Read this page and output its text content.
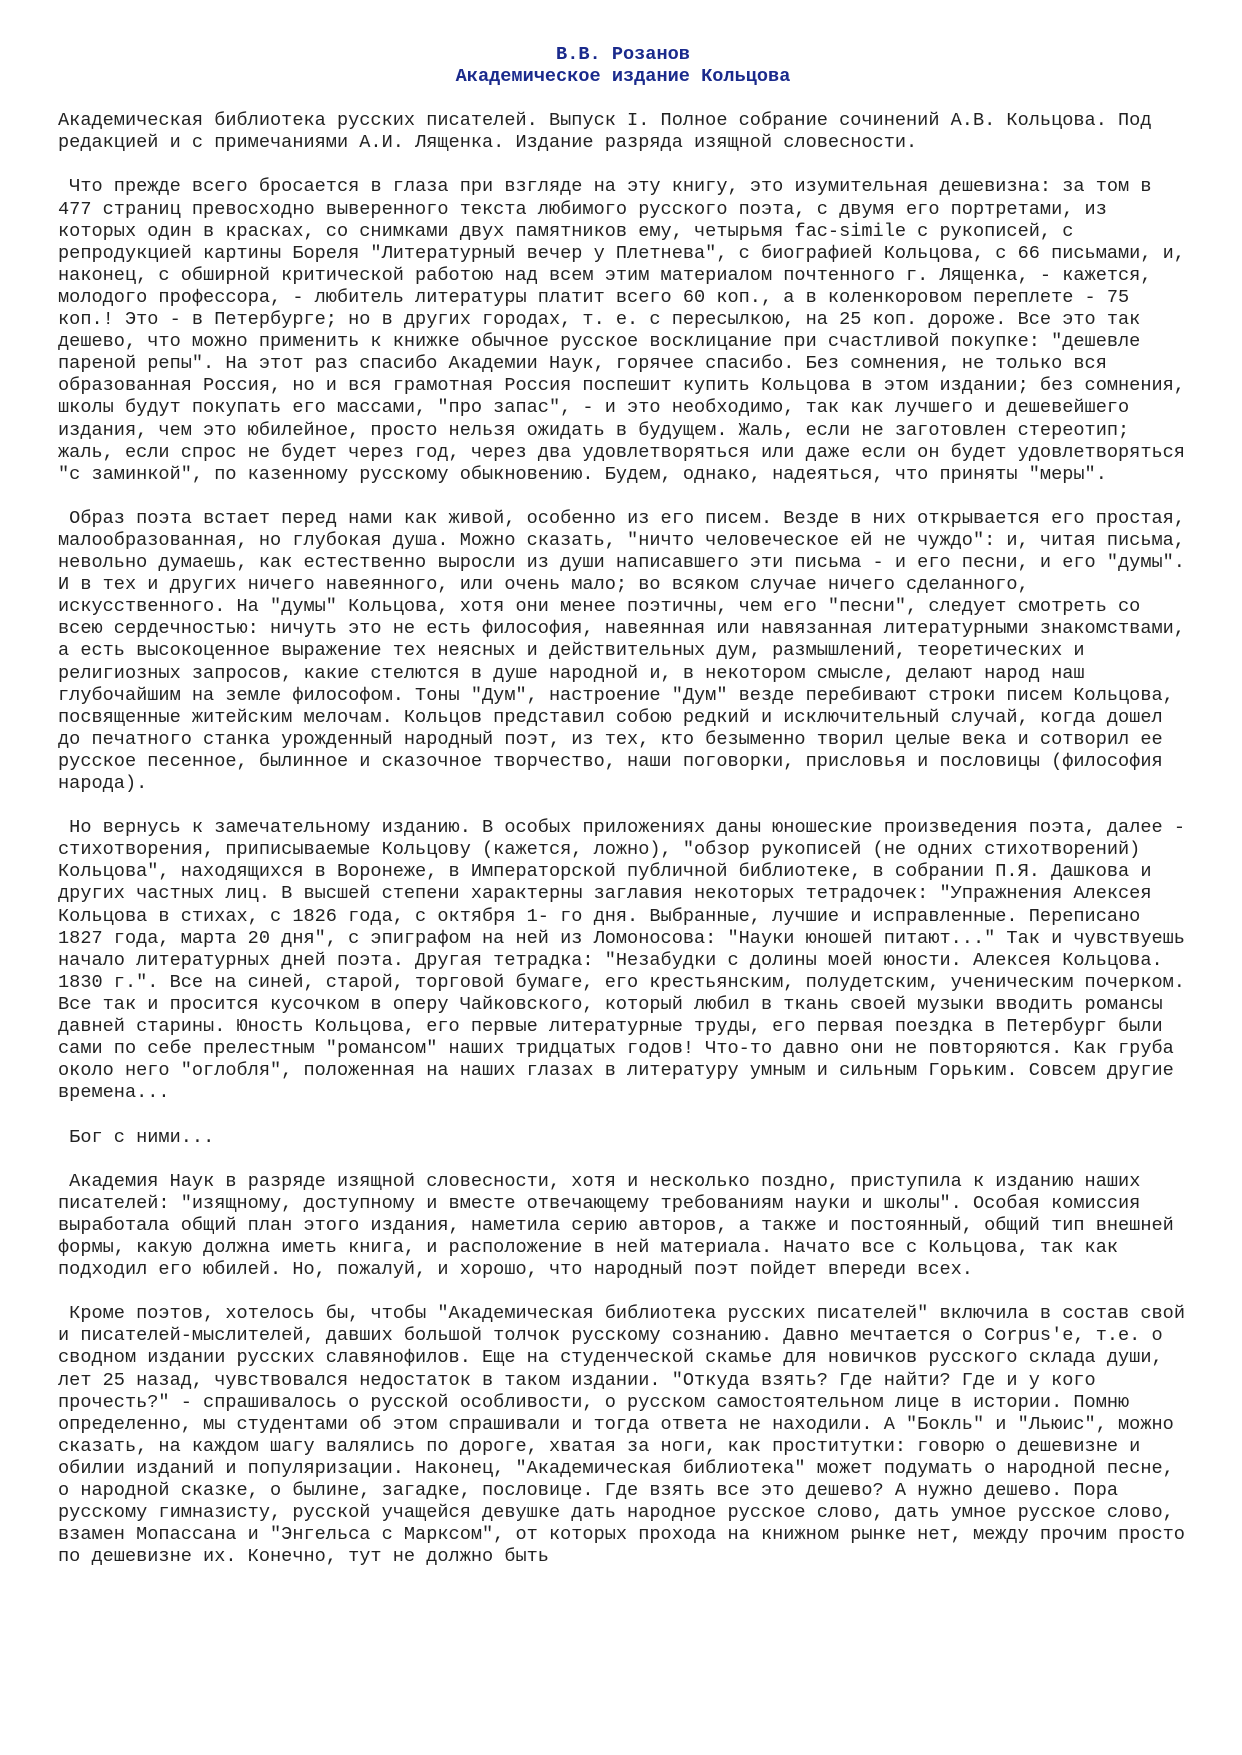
В.В. Розанов
Академическое издание Кольцова
Академическая библиотека русских писателей. Выпуск I. Полное собрание сочинений А.В. Кольцова. Под редакцией и с примечаниями А.И. Лященка. Издание разряда изящной словесности.
Что прежде всего бросается в глаза при взгляде на эту книгу, это изумительная дешевизна: за том в 477 страниц превосходно выверенного текста любимого русского поэта, с двумя его портретами, из которых один в красках, со снимками двух памятников ему, четырьмя fac-simile с рукописей, с репродукцией картины Бореля "Литературный вечер у Плетнева", с биографией Кольцова, с 66 письмами, и, наконец, с обширной критической работою над всем этим материалом почтенного г. Лященка, - кажется, молодого профессора, - любитель литературы платит всего 60 коп., а в коленкоровом переплете - 75 коп.! Это - в Петербурге; но в других городах, т. е. с пересылкою, на 25 коп. дороже. Все это так дешево, что можно применить к книжке обычное русское восклицание при счастливой покупке: "дешевле пареной репы". На этот раз спасибо Академии Наук, горячее спасибо. Без сомнения, не только вся образованная Россия, но и вся грамотная Россия поспешит купить Кольцова в этом издании; без сомнения, школы будут покупать его массами, "про запас", - и это необходимо, так как лучшего и дешевейшего издания, чем это юбилейное, просто нельзя ожидать в будущем. Жаль, если не заготовлен стереотип; жаль, если спрос не будет через год, через два удовлетворяться или даже если он будет удовлетворяться "с заминкой", по казенному русскому обыкновению. Будем, однако, надеяться, что приняты "меры".
Образ поэта встает перед нами как живой, особенно из его писем. Везде в них открывается его простая, малообразованная, но глубокая душа. Можно сказать, "ничто человеческое ей не чуждо": и, читая письма, невольно думаешь, как естественно выросли из души написавшего эти письма - и его песни, и его "думы". И в тех и других ничего навеянного, или очень мало; во всяком случае ничего сделанного, искусственного. На "думы" Кольцова, хотя они менее поэтичны, чем его "песни", следует смотреть со всею сердечностью: ничуть это не есть философия, навеянная или навязанная литературными знакомствами, а есть высокоценное выражение тех неясных и действительных дум, размышлений, теоретических и религиозных запросов, какие стелются в душе народной и, в некотором смысле, делают народ наш глубочайшим на земле философом. Тоны "Дум", настроение "Дум" везде перебивают строки писем Кольцова, посвященные житейским мелочам. Кольцов представил собою редкий и исключительный случай, когда дошел до печатного станка урожденный народный поэт, из тех, кто безыменно творил целые века и сотворил ее русское песенное, былинное и сказочное творчество, наши поговорки, присловья и пословицы (философия народа).
Но вернусь к замечательному изданию. В особых приложениях даны юношеские произведения поэта, далее - стихотворения, приписываемые Кольцову (кажется, ложно), "обзор рукописей (не одних стихотворений) Кольцова", находящихся в Воронеже, в Императорской публичной библиотеке, в собрании П.Я. Дашкова и других частных лиц. В высшей степени характерны заглавия некоторых тетрадочек: "Упражнения Алексея Кольцова в стихах, с 1826 года, с октября 1- го дня. Выбранные, лучшие и исправленные. Переписано 1827 года, марта 20 дня", с эпиграфом на ней из Ломоносова: "Науки юношей питают..." Так и чувствуешь начало литературных дней поэта. Другая тетрадка: "Незабудки с долины моей юности. Алексея Кольцова. 1830 г.". Все на синей, старой, торговой бумаге, его крестьянским, полудетским, ученическим почерком. Все так и просится кусочком в оперу Чайковского, который любил в ткань своей музыки вводить романсы давней старины. Юность Кольцова, его первые литературные труды, его первая поездка в Петербург были сами по себе прелестным "романсом" наших тридцатых годов! Что-то давно они не повторяются. Как груба около него "оглобля", положенная на наших глазах в литературу умным и сильным Горьким. Совсем другие времена...
Бог с ними...
Академия Наук в разряде изящной словесности, хотя и несколько поздно, приступила к изданию наших писателей: "изящному, доступному и вместе отвечающему требованиям науки и школы". Особая комиссия выработала общий план этого издания, наметила серию авторов, а также и постоянный, общий тип внешней формы, какую должна иметь книга, и расположение в ней материала. Начато все с Кольцова, так как подходил его юбилей. Но, пожалуй, и хорошо, что народный поэт пойдет впереди всех.
Кроме поэтов, хотелось бы, чтобы "Академическая библиотека русских писателей" включила в состав свой и писателей-мыслителей, давших большой толчок русскому сознанию. Давно мечтается о Corpus'е, т.е. о сводном издании русских славянофилов. Еще на студенческой скамье для новичков русского склада души, лет 25 назад, чувствовался недостаток в таком издании. "Откуда взять? Где найти? Где и у кого прочесть?" - спрашивалось о русской особливости, о русском самостоятельном лице в истории. Помню определенно, мы студентами об этом спрашивали и тогда ответа не находили. А "Бокль" и "Льюис", можно сказать, на каждом шагу валялись по дороге, хватая за ноги, как проститутки: говорю о дешевизне и обилии изданий и популяризации. Наконец, "Академическая библиотека" может подумать о народной песне, о народной сказке, о былине, загадке, пословице. Где взять все это дешево? А нужно дешево. Пора русскому гимназисту, русской учащейся девушке дать народное русское слово, дать умное русское слово, взамен Мопассана и "Энгельса с Марксом", от которых прохода на книжном рынке нет, между прочим просто по дешевизне их. Конечно, тут не должно быть
